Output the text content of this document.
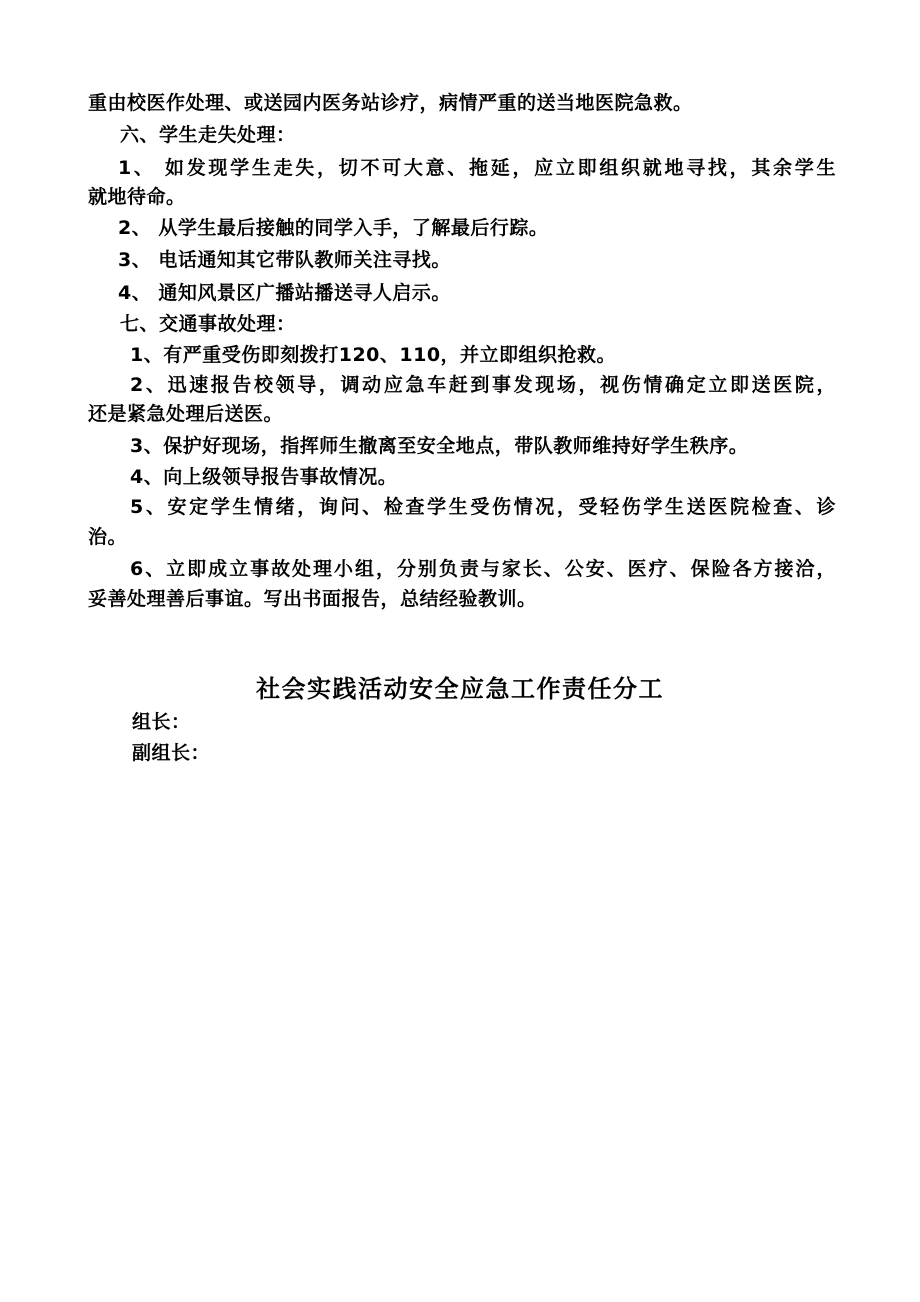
重由校医作处理、或送园内医务站诊疗，病情严重的送当地医院急救。
六、学生走失处理：
1、 如发现学生走失，切不可大意、拖延，应立即组织就地寻找，其余学生
就地待命。
2、 从学生最后接触的同学入手，了解最后行踪。
3、 电话通知其它带队教师关注寻找。
4、 通知风景区广播站播送寻人启示。
七、交通事故处理：
1、有严重受伤即刻拨打120、110，并立即组织抢救。
2、迅速报告校领导，调动应急车赶到事发现场，视伤情确定立即送医院，
还是紧急处理后送医。
3、保护好现场，指挥师生撤离至安全地点，带队教师维持好学生秩序。
4、向上级领导报告事故情况。
5、安定学生情绪，询问、检查学生受伤情况，受轻伤学生送医院检查、诊
治。
6、立即成立事故处理小组，分别负责与家长、公安、医疗、保险各方接洽，
妥善处理善后事谊。写出书面报告，总结经验教训。
社会实践活动安全应急工作责任分工
组长：
副组长：
